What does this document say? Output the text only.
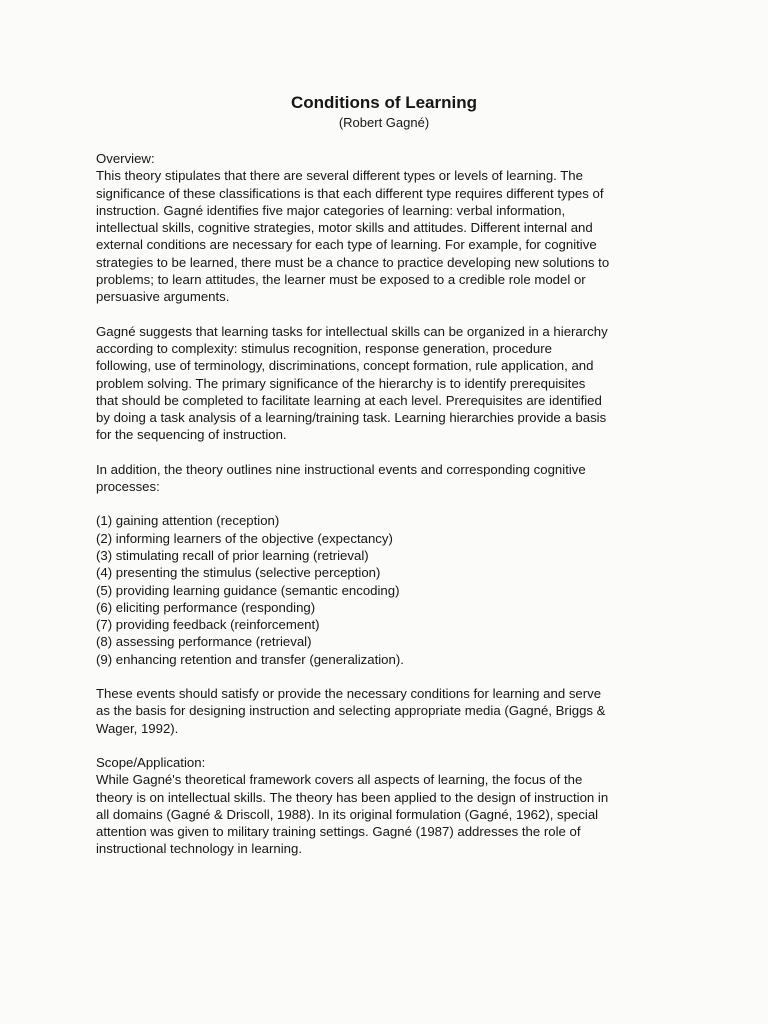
Conditions of Learning

(Robert Gagné)

Overview:
This theory stipulates that there are several different types or levels of learning. The
significance of these classifications is that each different type requires different types of
instruction. Gagné identifies five major categories of learning: verbal information,
intellectual skills, cognitive strategies, motor skills and attitudes. Different internal and
external conditions are necessary for each type of learning. For example, for cognitive
strategies to be learned, there must be a chance to practice developing new solutions to
problems; to learn attitudes, the learner must be exposed to a credible role model or
persuasive arguments.

Gagné suggests that learning tasks for intellectual skills can be organized in a hierarchy
according to complexity: stimulus recognition, response generation, procedure
following, use of terminology, discriminations, concept formation, rule application, and
problem solving. The primary significance of the hierarchy is to identify prerequisites
that should be completed to facilitate learning at each level. Prerequisites are identified
by doing a task analysis of a learning/training task. Learning hierarchies provide a basis
for the sequencing of instruction.

In addition, the theory outlines nine instructional events and corresponding cognitive
processes:

(1) gaining attention (reception)
(2) informing learners of the objective (expectancy)
(3) stimulating recall of prior learning (retrieval)
(4) presenting the stimulus (selective perception)
(5) providing learning guidance (semantic encoding)
(6) eliciting performance (responding)
(7) providing feedback (reinforcement)
(8) assessing performance (retrieval)
(9) enhancing retention and transfer (generalization).

These events should satisfy or provide the necessary conditions for learning and serve
as the basis for designing instruction and selecting appropriate media (Gagné, Briggs &
Wager, 1992).

Scope/Application:
While Gagné's theoretical framework covers all aspects of learning, the focus of the
theory is on intellectual skills. The theory has been applied to the design of instruction in
all domains (Gagné & Driscoll, 1988). In its original formulation (Gagné, 1962), special
attention was given to military training settings. Gagné (1987) addresses the role of
instructional technology in learning.
